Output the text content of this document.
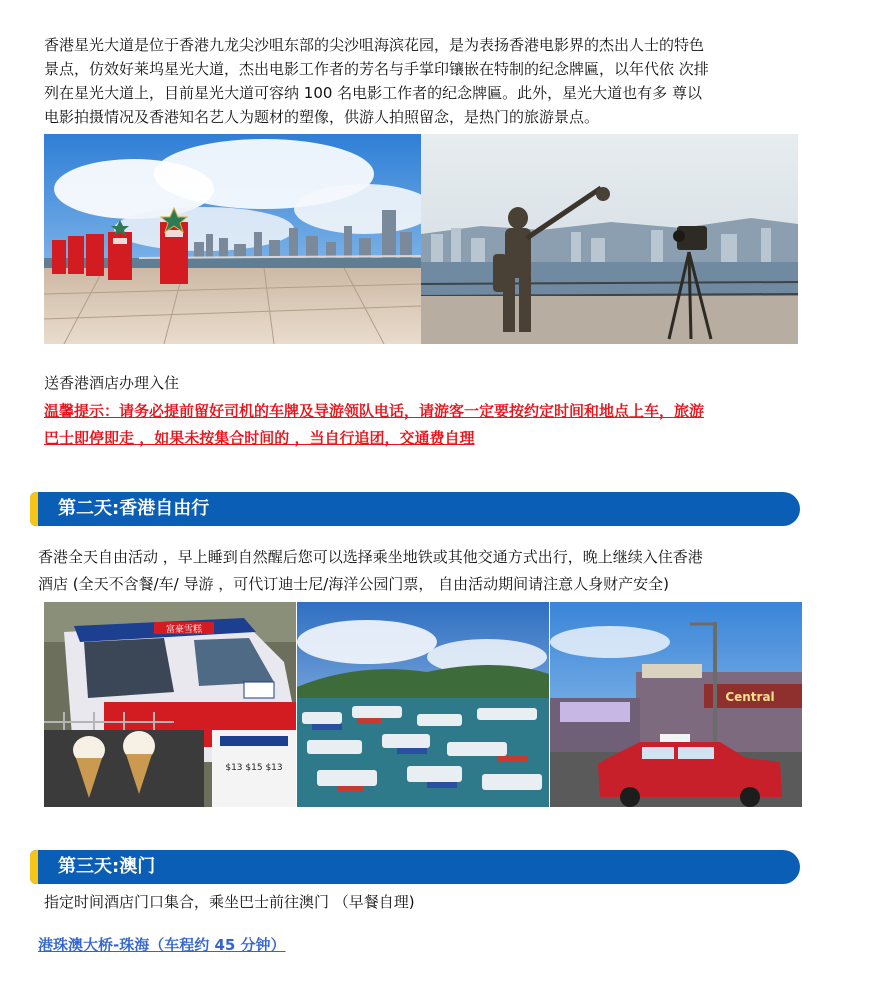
香港星光大道是位于香港九龙尖沙咀东部的尖沙咀海滨花园，是为表扬香港电影界的杰出人士的特色
景点，仿效好莱坞星光大道，杰出电影工作者的芳名与手掌印镶嵌在特制的纪念牌匾，以年代依 次排
列在星光大道上，目前星光大道可容纳 100 名电影工作者的纪念牌匾。此外，星光大道也有多 尊以
电影拍摄情况及香港知名艺人为题材的塑像，供游人拍照留念，是热门的旅游景点。
送香港酒店办理入住
温馨提示：请务必提前留好司机的车牌及导游领队电话，请游客一定要按约定时间和地点上车，旅游
巴士即停即走 ，如果未按集合时间的 ，当自行追团，交通费自理
第二天:香港自由行
香港全天自由活动 ，早上睡到自然醒后您可以选择乘坐地铁或其他交通方式出行，晚上继续入住香港
酒店 (全天不含餐/车/ 导游 ，可代订迪士尼/海洋公园门票， 自由活动期间请注意人身财产安全)
富豪雪糕
$13 $15 $13
Central
第三天:澳门
指定时间酒店门口集合，乘坐巴士前往澳门 （早餐自理)
港珠澳大桥-珠海（车程约 45 分钟）
